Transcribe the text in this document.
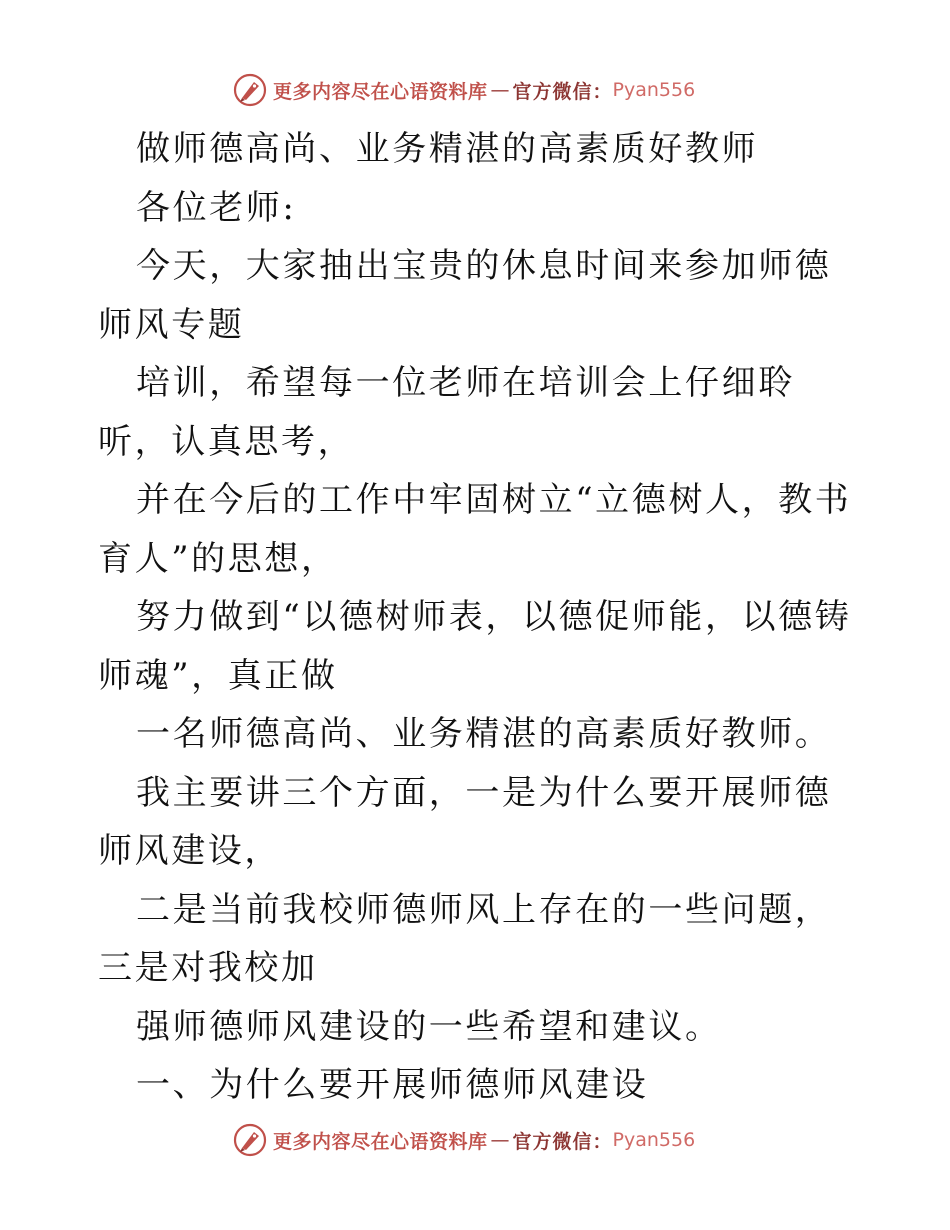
更多内容尽在心语资料库 — 官方微信： Pyan556

做师德高尚、业务精湛的高素质好教师

各位老师:

今天，大家抽出宝贵的休息时间来参加师德师风专题

培训，希望每一位老师在培训会上仔细聆听，认真思考，

并在今后的工作中牢固树立“立德树人，教书育人”的思想，

努力做到“以德树师表，以德促师能，以德铸师魂”，真正做

一名师德高尚、业务精湛的高素质好教师。

我主要讲三个方面，一是为什么要开展师德师风建设，

二是当前我校师德师风上存在的一些问题，三是对我校加

强师德师风建设的一些希望和建议。

一、为什么要开展师德师风建设

更多内容尽在心语资料库 — 官方微信： Pyan556
